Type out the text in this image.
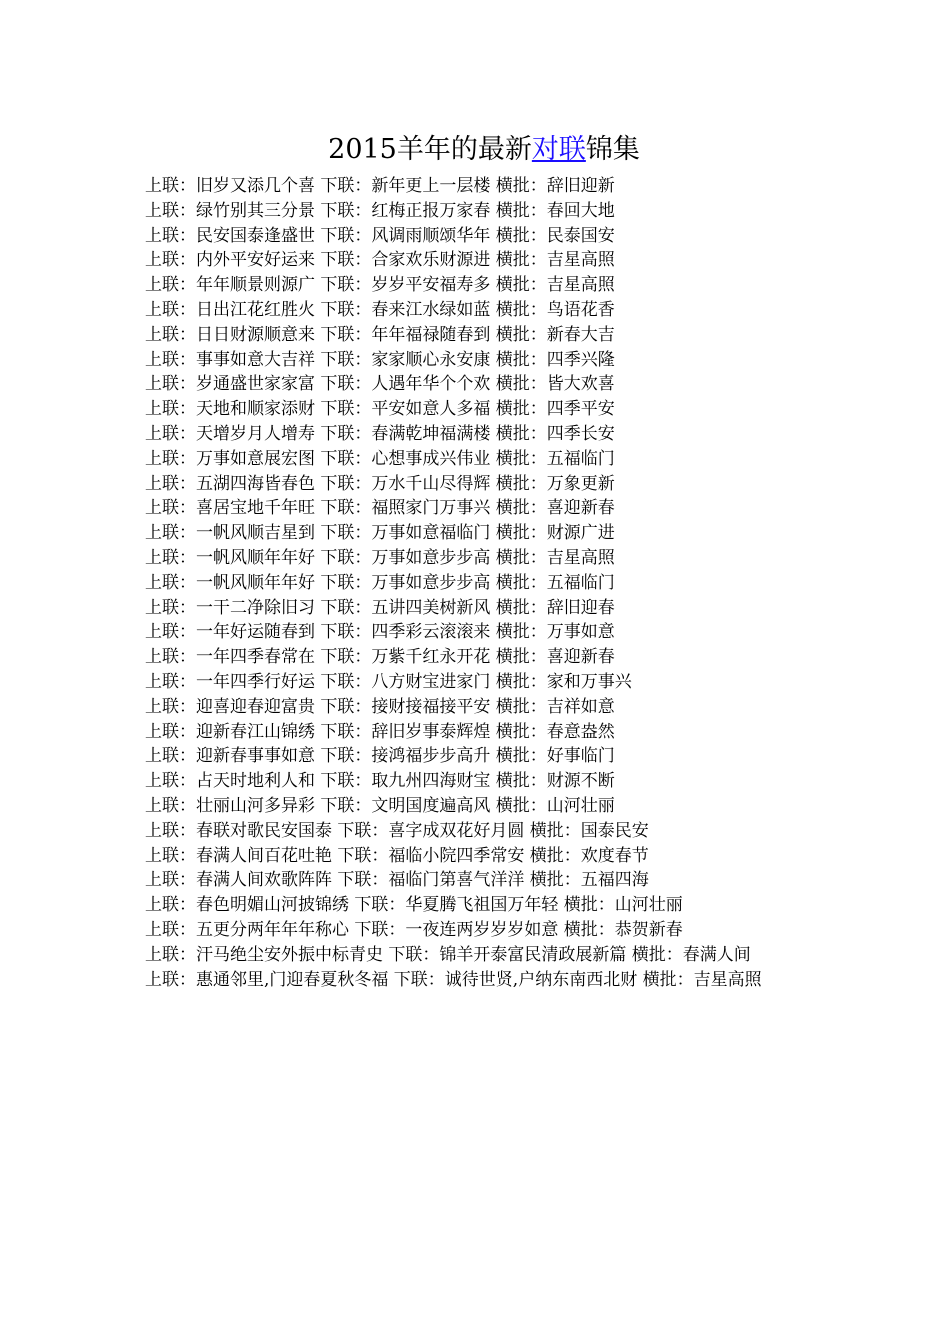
2015羊年的最新对联锦集
上联：旧岁又添几个喜 下联：新年更上一层楼 横批：辞旧迎新
上联：绿竹别其三分景 下联：红梅正报万家春 横批：春回大地
上联：民安国泰逢盛世 下联：风调雨顺颂华年 横批：民泰国安
上联：内外平安好运来 下联：合家欢乐财源进 横批：吉星高照
上联：年年顺景则源广 下联：岁岁平安福寿多 横批：吉星高照
上联：日出江花红胜火 下联：春来江水绿如蓝 横批：鸟语花香
上联：日日财源顺意来 下联：年年福禄随春到 横批：新春大吉
上联：事事如意大吉祥 下联：家家顺心永安康 横批：四季兴隆
上联：岁通盛世家家富 下联：人遇年华个个欢 横批：皆大欢喜
上联：天地和顺家添财 下联：平安如意人多福 横批：四季平安
上联：天增岁月人增寿 下联：春满乾坤福满楼 横批：四季长安
上联：万事如意展宏图 下联：心想事成兴伟业 横批：五福临门
上联：五湖四海皆春色 下联：万水千山尽得辉 横批：万象更新
上联：喜居宝地千年旺 下联：福照家门万事兴 横批：喜迎新春
上联：一帆风顺吉星到 下联：万事如意福临门 横批：财源广进
上联：一帆风顺年年好 下联：万事如意步步高 横批：吉星高照
上联：一帆风顺年年好 下联：万事如意步步高 横批：五福临门
上联：一干二净除旧习 下联：五讲四美树新风 横批：辞旧迎春
上联：一年好运随春到 下联：四季彩云滚滚来 横批：万事如意
上联：一年四季春常在 下联：万紫千红永开花 横批：喜迎新春
上联：一年四季行好运 下联：八方财宝进家门 横批：家和万事兴
上联：迎喜迎春迎富贵 下联：接财接福接平安 横批：吉祥如意
上联：迎新春江山锦绣 下联：辞旧岁事泰辉煌 横批：春意盎然
上联：迎新春事事如意 下联：接鸿福步步高升 横批：好事临门
上联：占天时地利人和 下联：取九州四海财宝 横批：财源不断
上联：壮丽山河多异彩 下联：文明国度遍高风 横批：山河壮丽
上联：春联对歌民安国泰 下联：喜字成双花好月圆 横批：国泰民安
上联：春满人间百花吐艳 下联：福临小院四季常安 横批：欢度春节
上联：春满人间欢歌阵阵 下联：福临门第喜气洋洋 横批：五福四海
上联：春色明媚山河披锦绣 下联：华夏腾飞祖国万年轻 横批：山河壮丽
上联：五更分两年年年称心 下联：一夜连两岁岁岁如意 横批：恭贺新春
上联：汗马绝尘安外振中标青史 下联：锦羊开泰富民清政展新篇 横批：春满人间
上联：惠通邻里,门迎春夏秋冬福 下联：诚待世贤,户纳东南西北财 横批：吉星高照
